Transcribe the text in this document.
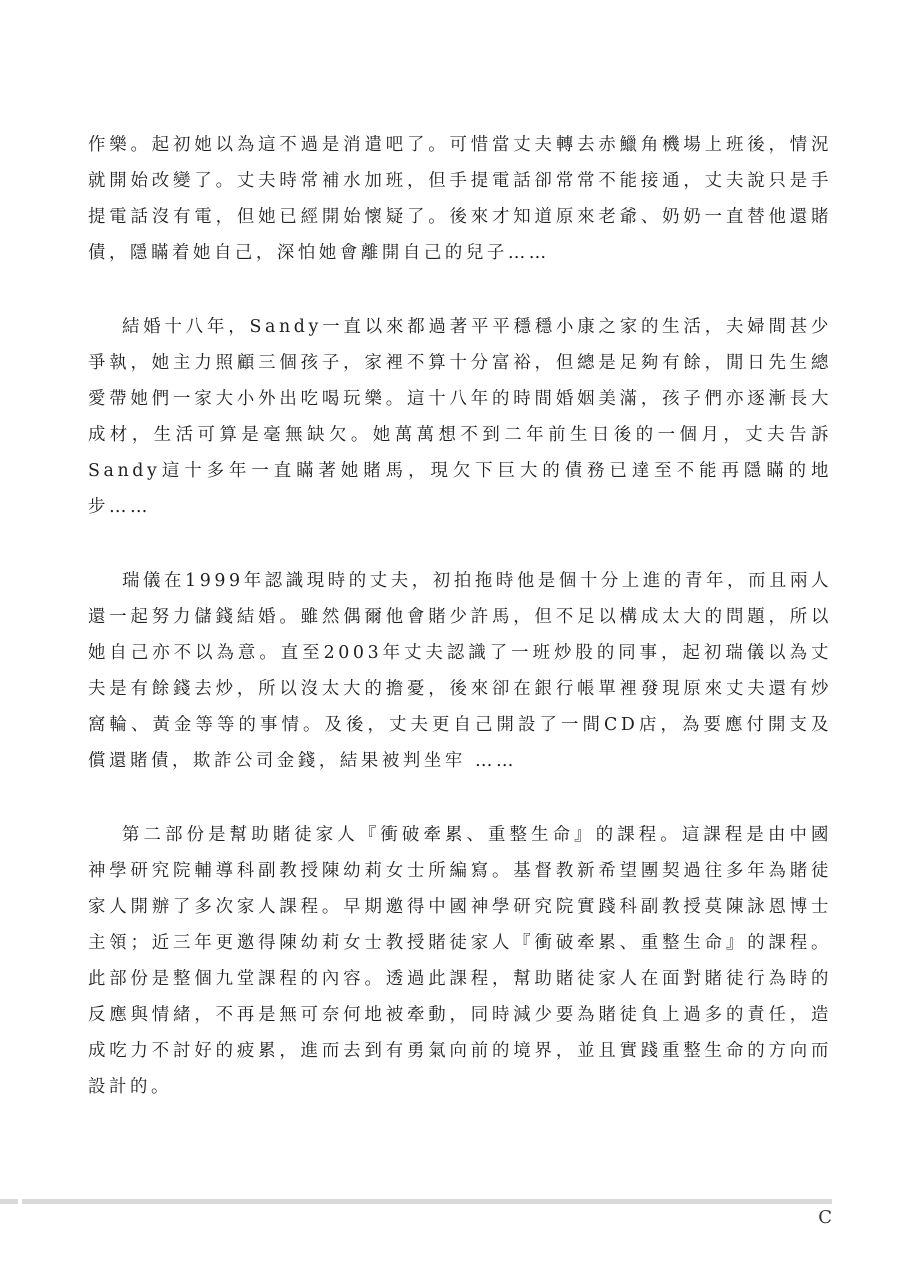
作樂。起初她以為這不過是消遣吧了。可惜當丈夫轉去赤鱲角機場上班後，情況就開始改變了。丈夫時常補水加班，但手提電話卻常常不能接通，丈夫說只是手提電話沒有電，但她已經開始懷疑了。後來才知道原來老爺、奶奶一直替他還賭債，隱瞞着她自己，深怕她會離開自己的兒子……

結婚十八年，Sandy一直以來都過著平平穩穩小康之家的生活，夫婦間甚少爭執，她主力照顧三個孩子，家裡不算十分富裕，但總是足夠有餘，閒日先生總愛帶她們一家大小外出吃喝玩樂。這十八年的時間婚姻美滿，孩子們亦逐漸長大成材，生活可算是毫無缺欠。她萬萬想不到二年前生日後的一個月，丈夫告訴Sandy這十多年一直瞞著她賭馬，現欠下巨大的債務已達至不能再隱瞞的地步……

瑞儀在1999年認識現時的丈夫，初拍拖時他是個十分上進的青年，而且兩人還一起努力儲錢結婚。雖然偶爾他會賭少許馬，但不足以構成太大的問題，所以她自己亦不以為意。直至2003年丈夫認識了一班炒股的同事，起初瑞儀以為丈夫是有餘錢去炒，所以沒太大的擔憂，後來卻在銀行帳單裡發現原來丈夫還有炒窩輪、黃金等等的事情。及後，丈夫更自己開設了一間CD店，為要應付開支及償還賭債，欺詐公司金錢，結果被判坐牢 ……

第二部份是幫助賭徒家人『衝破牽累、重整生命』的課程。這課程是由中國神學研究院輔導科副教授陳幼莉女士所編寫。基督教新希望團契過往多年為賭徒家人開辦了多次家人課程。早期邀得中國神學研究院實踐科副教授莫陳詠恩博士主領；近三年更邀得陳幼莉女士教授賭徒家人『衝破牽累、重整生命』的課程。此部份是整個九堂課程的內容。透過此課程，幫助賭徒家人在面對賭徒行為時的反應與情緒，不再是無可奈何地被牽動，同時減少要為賭徒負上過多的責任，造成吃力不討好的疲累，進而去到有勇氣向前的境界，並且實踐重整生命的方向而設計的。

C
